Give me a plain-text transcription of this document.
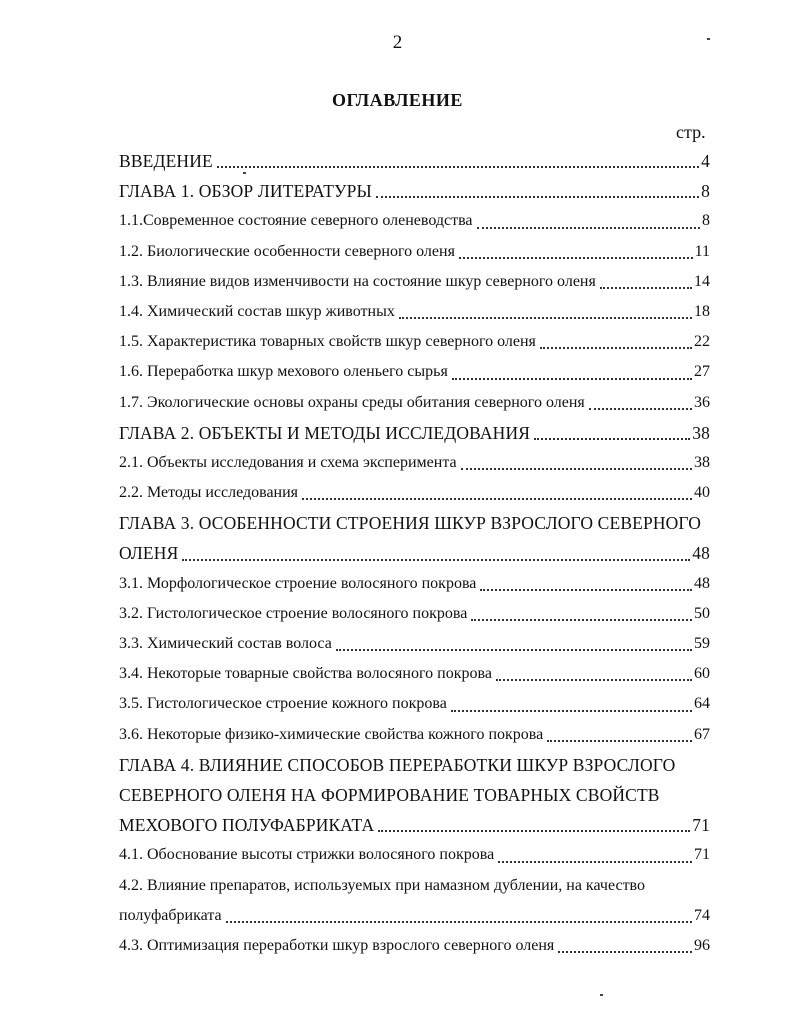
2
ОГЛАВЛЕНИЕ
стр.
ВВЕДЕНИЕ	4
ГЛАВА 1. ОБЗОР ЛИТЕРАТУРЫ	8
1.1.Современное состояние северного оленеводства	8
1.2. Биологические особенности северного оленя	11
1.3. Влияние видов изменчивости на состояние шкур северного оленя	14
1.4. Химический состав шкур животных	18
1.5. Характеристика товарных свойств шкур северного оленя	22
1.6. Переработка шкур мехового оленьего сырья	27
1.7. Экологические основы охраны среды обитания северного оленя	36
ГЛАВА 2. ОБЪЕКТЫ И МЕТОДЫ ИССЛЕДОВАНИЯ	38
2.1. Объекты исследования и схема эксперимента	38
2.2. Методы исследования	40
ГЛАВА 3. ОСОБЕННОСТИ СТРОЕНИЯ ШКУР ВЗРОСЛОГО СЕВЕРНОГО
ОЛЕНЯ	48
3.1. Морфологическое строение волосяного покрова	48
3.2. Гистологическое строение волосяного покрова	50
3.3. Химический состав волоса	59
3.4. Некоторые товарные свойства волосяного покрова	60
3.5. Гистологическое строение кожного покрова	64
3.6. Некоторые физико-химические свойства кожного покрова	67
ГЛАВА 4. ВЛИЯНИЕ СПОСОБОВ ПЕРЕРАБОТКИ ШКУР ВЗРОСЛОГО
СЕВЕРНОГО ОЛЕНЯ НА ФОРМИРОВАНИЕ ТОВАРНЫХ СВОЙСТВ
МЕХОВОГО ПОЛУФАБРИКАТА	71
4.1. Обоснование высоты стрижки волосяного покрова	71
4.2. Влияние препаратов, используемых при намазном дублении, на качество
полуфабриката	74
4.3. Оптимизация переработки шкур взрослого северного оленя	96
